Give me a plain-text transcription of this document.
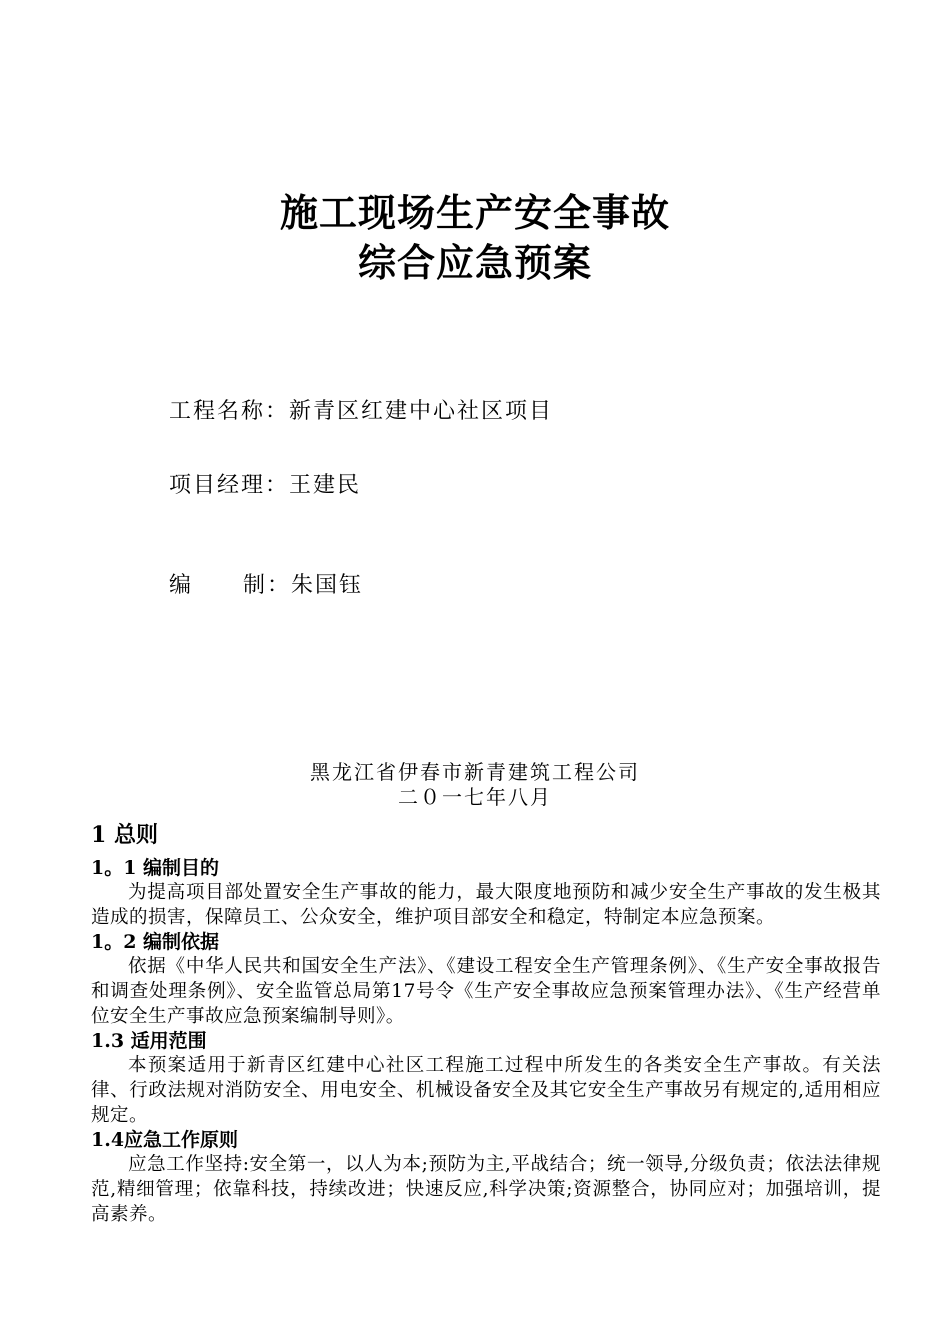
施工现场生产安全事故
综合应急预案
工程名称：新青区红建中心社区项目
项目经理：王建民
编 制：朱国钰
黑龙江省伊春市新青建筑工程公司
二０一七年八月
1 总则
1。1 编制目的

为提高项目部处置安全生产事故的能力，最大限度地预防和减少安全生产事故的发生极其造成的损害，保障员工、公众安全，维护项目部安全和稳定，特制定本应急预案。

1。2 编制依据

依据《中华人民共和国安全生产法》、《建设工程安全生产管理条例》、《生产安全事故报告和调查处理条例》、安全监管总局第17号令《生产安全事故应急预案管理办法》、《生产经营单位安全生产事故应急预案编制导则》。

1.3 适用范围

本预案适用于新青区红建中心社区工程施工过程中所发生的各类安全生产事故。有关法律、行政法规对消防安全、用电安全、机械设备安全及其它安全生产事故另有规定的,适用相应规定。

1.4应急工作原则

应急工作坚持:安全第一，以人为本;预防为主,平战结合；统一领导,分级负责；依法法律规范,精细管理；依靠科技，持续改进；快速反应,科学决策;资源整合，协同应对；加强培训，提高素养。
